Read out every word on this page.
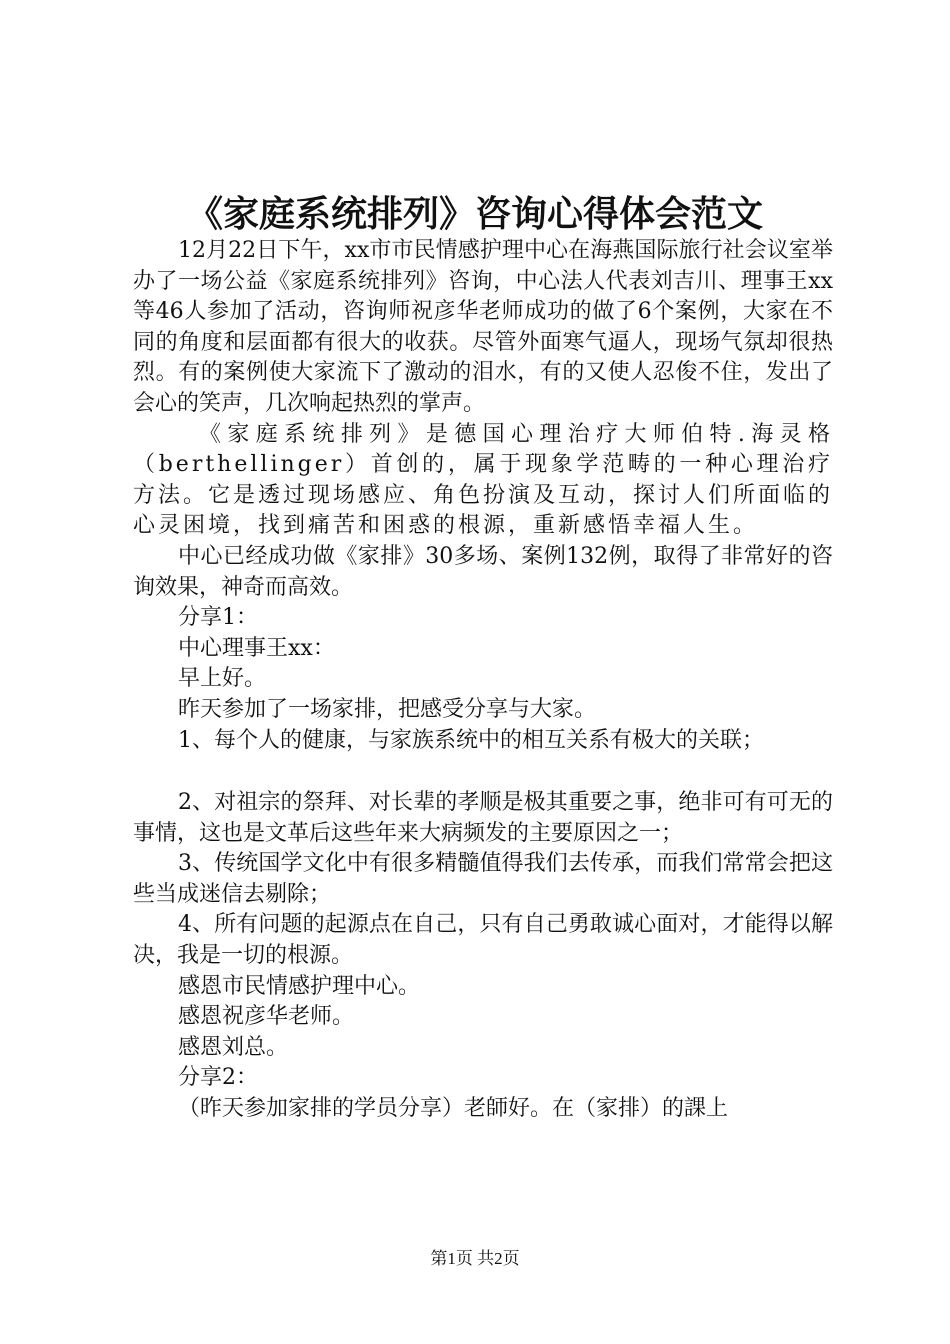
《家庭系统排列》咨询心得体会范文

12月22日下午，xx市市民情感护理中心在海燕国际旅行社会议室举办了一场公益《家庭系统排列》咨询，中心法人代表刘吉川、理事王xx等46人参加了活动，咨询师祝彦华老师成功的做了6个案例，大家在不同的角度和层面都有很大的收获。尽管外面寒气逼人，现场气氛却很热烈。有的案例使大家流下了激动的泪水，有的又使人忍俊不住，发出了会心的笑声，几次响起热烈的掌声。

《家庭系统排列》是德国心理治疗大师伯特.海灵格（berthellinger）首创的，属于现象学范畴的一种心理治疗方法。它是透过现场感应、角色扮演及互动，探讨人们所面临的心灵困境，找到痛苦和困惑的根源，重新感悟幸福人生。

中心已经成功做《家排》30多场、案例132例，取得了非常好的咨询效果，神奇而高效。

分享1：

中心理事王xx：

早上好。

昨天参加了一场家排，把感受分享与大家。

1、每个人的健康，与家族系统中的相互关系有极大的关联；

2、对祖宗的祭拜、对长辈的孝顺是极其重要之事，绝非可有可无的事情，这也是文革后这些年来大病频发的主要原因之一；

3、传统国学文化中有很多精髓值得我们去传承，而我们常常会把这些当成迷信去剔除；

4、所有问题的起源点在自己，只有自己勇敢诚心面对，才能得以解决，我是一切的根源。

感恩市民情感护理中心。

感恩祝彦华老师。

感恩刘总。

分享2：

（昨天参加家排的学员分享）老師好。在（家排）的課上

第1页 共2页
